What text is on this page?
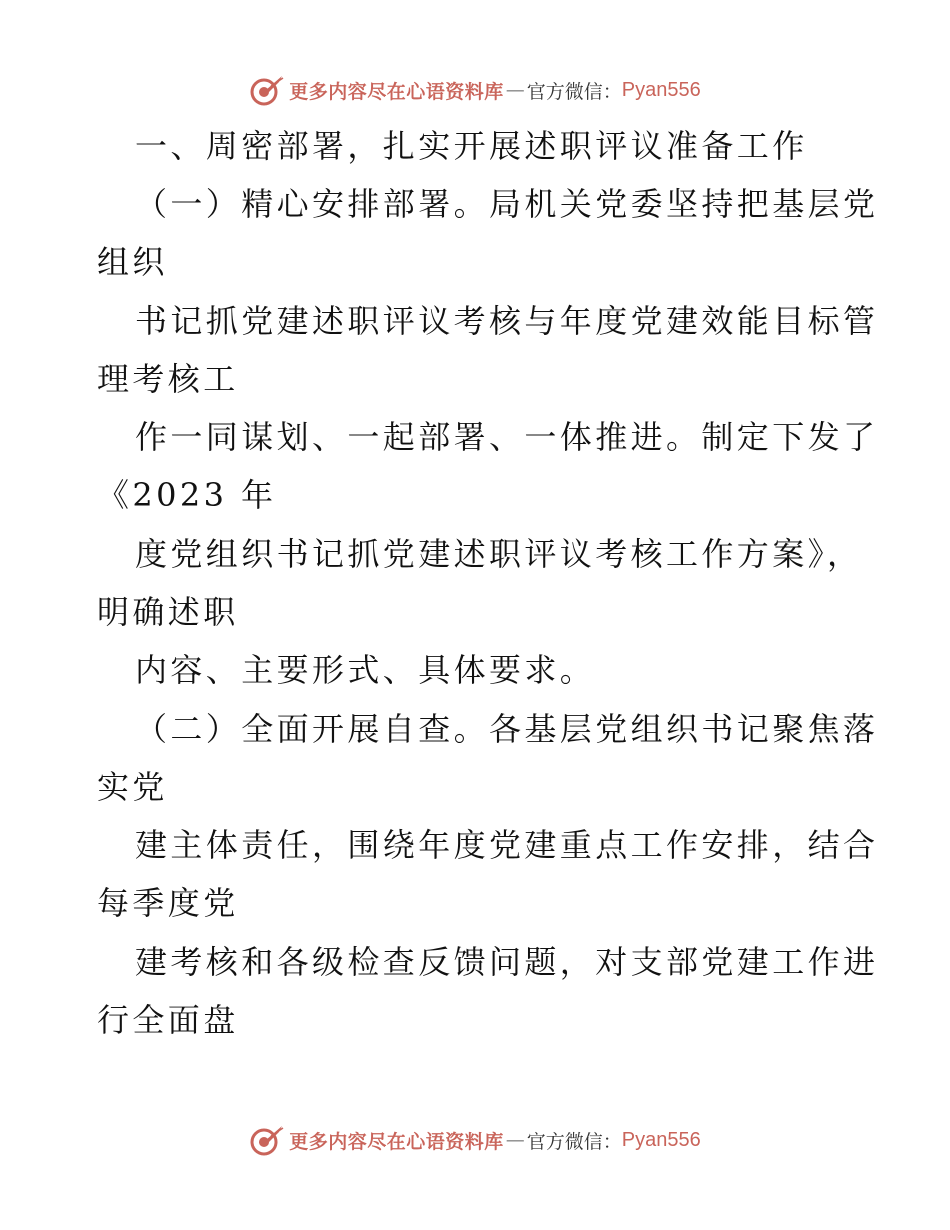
更多内容尽在心语资料库 — 官方微信： Pyan556
一、周密部署，扎实开展述职评议准备工作
（一）精心安排部署。局机关党委坚持把基层党
组织
书记抓党建述职评议考核与年度党建效能目标管
理考核工
作一同谋划、一起部署、一体推进。制定下发了
《2023 年
度党组织书记抓党建述职评议考核工作方案》，
明确述职
内容、主要形式、具体要求。
（二）全面开展自查。各基层党组织书记聚焦落
实党
建主体责任，围绕年度党建重点工作安排，结合
每季度党
建考核和各级检查反馈问题，对支部党建工作进
行全面盘
更多内容尽在心语资料库 — 官方微信： Pyan556
